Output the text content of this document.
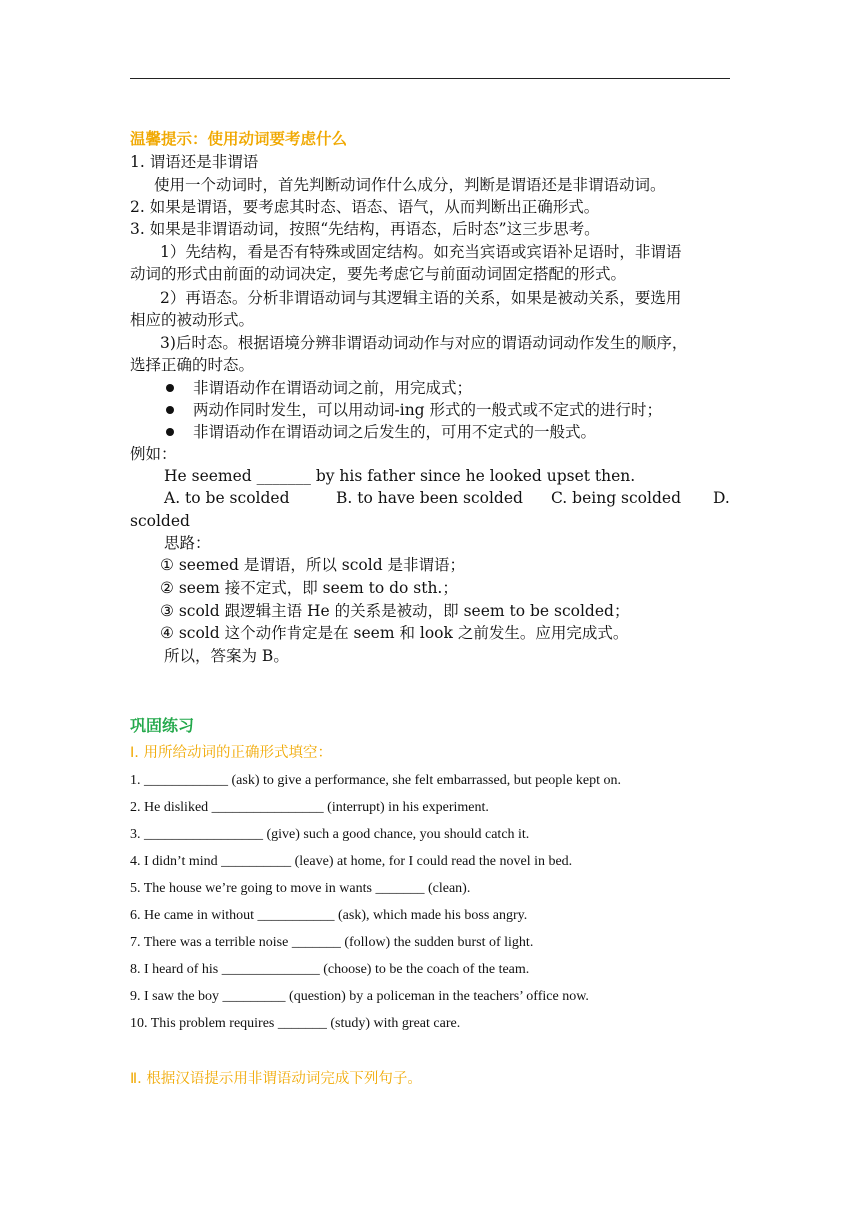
温馨提示：使用动词要考虑什么
1. 谓语还是非谓语
使用一个动词时，首先判断动词作什么成分，判断是谓语还是非谓语动词。
2. 如果是谓语，要考虑其时态、语态、语气，从而判断出正确形式。
3. 如果是非谓语动词，按照“先结构，再语态，后时态”这三步思考。
1）先结构，看是否有特殊或固定结构。如充当宾语或宾语补足语时，非谓语
动词的形式由前面的动词决定，要先考虑它与前面动词固定搭配的形式。
2）再语态。分析非谓语动词与其逻辑主语的关系，如果是被动关系，要选用
相应的被动形式。
3)后时态。根据语境分辨非谓语动词动作与对应的谓语动词动作发生的顺序，
选择正确的时态。
非谓语动作在谓语动词之前，用完成式；
两动作同时发生，可以用动词-ing 形式的一般式或不定式的进行时；
非谓语动作在谓语动词之后发生的，可用不定式的一般式。
例如：
He seemed _______ by his father since he looked upset then.
A. to be scolded	B. to have been scolded C. being scolded D.
scolded
思路：
① seemed 是谓语，所以 scold 是非谓语；
② seem 接不定式，即 seem to do sth.；
③ scold 跟逻辑主语 He 的关系是被动，即 seem to be scolded；
④ scold 这个动作肯定是在 seem 和 look 之前发生。应用完成式。
所以，答案为 B。
巩固练习
Ⅰ. 用所给动词的正确形式填空：
1. ____________ (ask) to give a performance, she felt embarrassed, but people kept on.
2. He disliked ________________ (interrupt) in his experiment.
3. _________________ (give) such a good chance, you should catch it.
4. I didn’t mind __________ (leave) at home, for I could read the novel in bed.
5. The house we’re going to move in wants _______ (clean).
6. He came in without ___________ (ask), which made his boss angry.
7. There was a terrible noise _______ (follow) the sudden burst of light.
8. I heard of his ______________ (choose) to be the coach of the team.
9. I saw the boy _________ (question) by a policeman in the teachers’ office now.
10. This problem requires _______ (study) with great care.
Ⅱ. 根据汉语提示用非谓语动词完成下列句子。
